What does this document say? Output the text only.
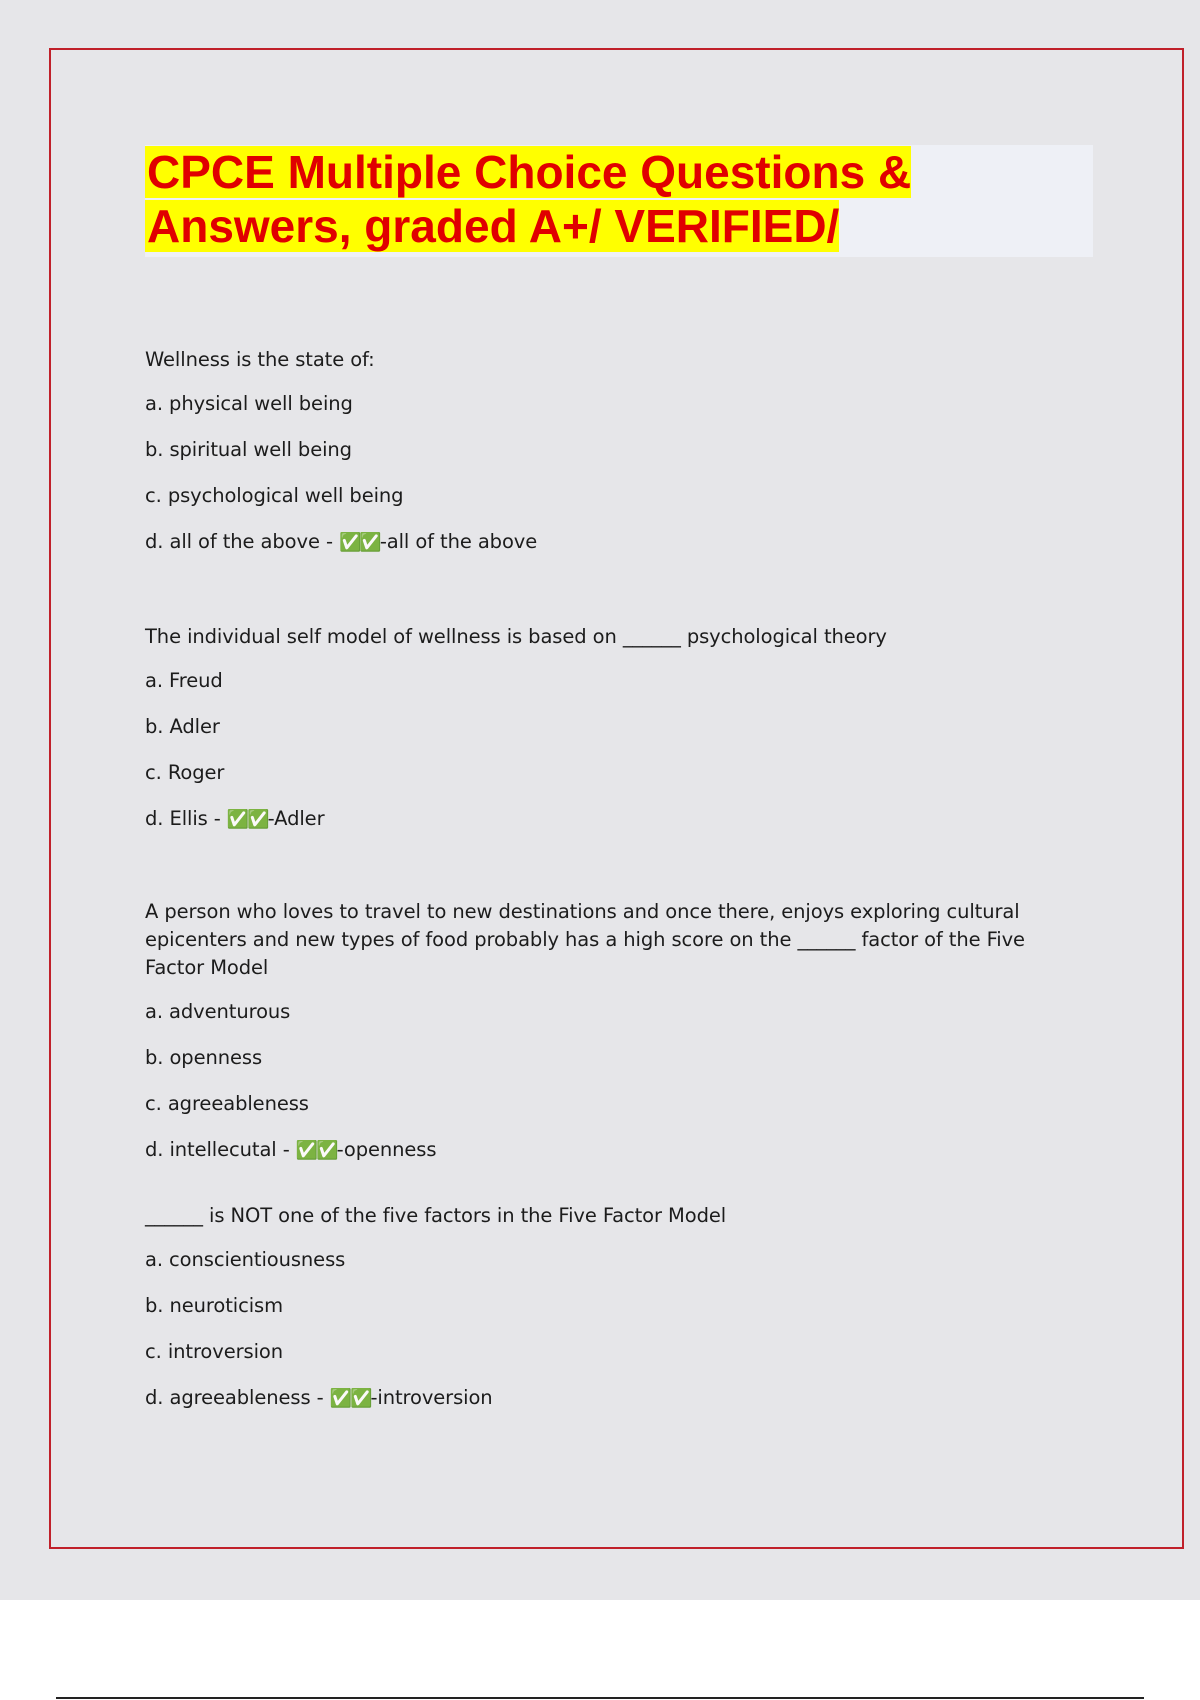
CPCE Multiple Choice Questions &
Answers, graded A+/ VERIFIED/
Wellness is the state of:
a. physical well being
b. spiritual well being
c. psychological well being
d. all of the above - ✅✅-all of the above
The individual self model of wellness is based on ______ psychological theory
a. Freud
b. Adler
c. Roger
d. Ellis - ✅✅-Adler
A person who loves to travel to new destinations and once there, enjoys exploring cultural epicenters and new types of food probably has a high score on the ______ factor of the Five Factor Model
a. adventurous
b. openness
c. agreeableness
d. intellecutal - ✅✅-openness
______ is NOT one of the five factors in the Five Factor Model
a. conscientiousness
b. neuroticism
c. introversion
d. agreeableness - ✅✅-introversion
